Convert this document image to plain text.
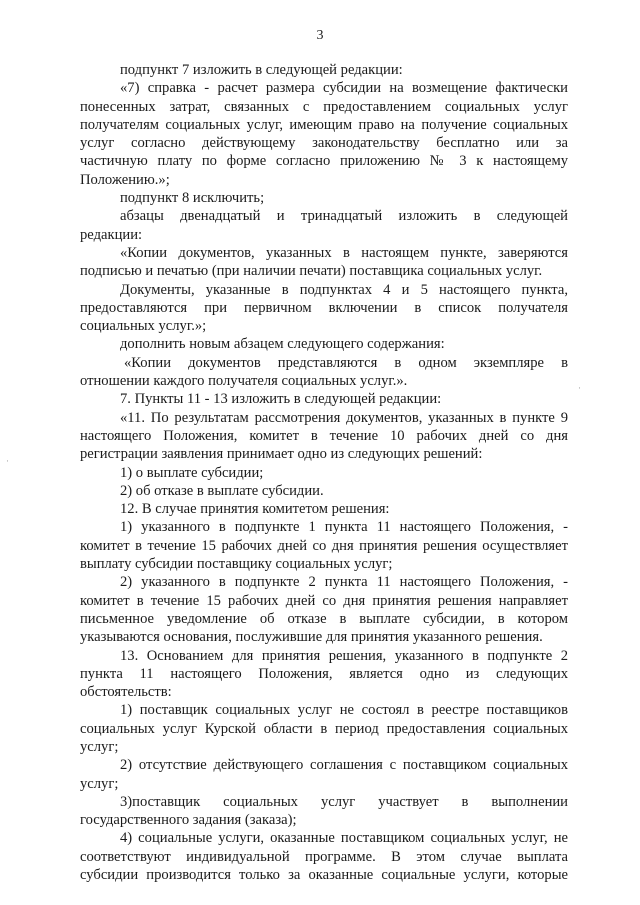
3
подпункт 7 изложить в следующей редакции:
«7) справка - расчет размера субсидии на возмещение фактически
понесенных затрат, связанных с предоставлением социальных услуг
получателям социальных услуг, имеющим право на получение социальных
услуг согласно действующему законодательству бесплатно или за
частичную плату по форме согласно приложению № 3 к настоящему
Положению.»;
подпункт 8 исключить;
абзацы двенадцатый и тринадцатый изложить в следующей
редакции:
«Копии документов, указанных в настоящем пункте, заверяются
подписью и печатью (при наличии печати) поставщика социальных услуг.
Документы, указанные в подпунктах 4 и 5 настоящего пункта,
предоставляются при первичном включении в список получателя
социальных услуг.»;
дополнить новым абзацем следующего содержания:
«Копии документов представляются в одном экземпляре в
отношении каждого получателя социальных услуг.».
7. Пункты 11 - 13 изложить в следующей редакции:
«11. По результатам рассмотрения документов, указанных в пункте 9
настоящего Положения, комитет в течение 10 рабочих дней со дня
регистрации заявления принимает одно из следующих решений:
1) о выплате субсидии;
2) об отказе в выплате субсидии.
12. В случае принятия комитетом решения:
1) указанного в подпункте 1 пункта 11 настоящего Положения, -
комитет в течение 15 рабочих дней со дня принятия решения осуществляет
выплату субсидии поставщику социальных услуг;
2) указанного в подпункте 2 пункта 11 настоящего Положения, -
комитет в течение 15 рабочих дней со дня принятия решения направляет
письменное уведомление об отказе в выплате субсидии, в котором
указываются основания, послужившие для принятия указанного решения.
13. Основанием для принятия решения, указанного в подпункте 2
пункта 11 настоящего Положения, является одно из следующих
обстоятельств:
1) поставщик социальных услуг не состоял в реестре поставщиков
социальных услуг Курской области в период предоставления социальных
услуг;
2) отсутствие действующего соглашения с поставщиком социальных
услуг;
3)поставщик социальных услуг участвует в выполнении
государственного задания (заказа);
4) социальные услуги, оказанные поставщиком социальных услуг, не
соответствуют индивидуальной программе. В этом случае выплата
субсидии производится только за оказанные социальные услуги, которые
·
·
